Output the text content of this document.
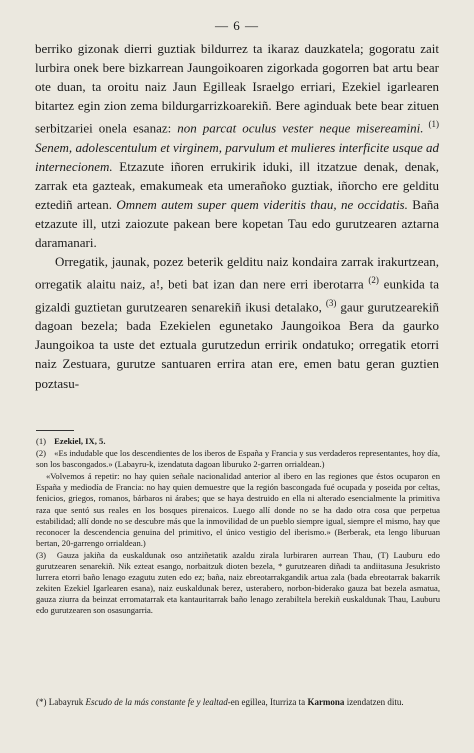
— 6 —

berriko gizonak dierri guztiak bildurrez ta ikaraz dauzkatela; gogoratu zait lurbira onek bere bizkarrean Jaungoikoaren zigorkada gogorren bat artu bear ote duan, ta oroitu naiz Jaun Egilleak Israelgo erriari, Ezekiel igarlearen bitartez egin zion zema bildurgarrizkoarekiñ. Bere aginduak bete bear zituen serbitzariei onela esanaz: non parcat oculus vester neque misereamini. $^{(1)}$ Senem, adolescentulum et virginem, parvulum et mulieres interficite usque ad internecionem. Etzazute iñoren errukirik iduki, ill itzatzue denak, denak, zarrak eta gazteak, emakumeak eta umerañoko guztiak, iñorcho ere gelditu eztediñ artean. Omnem autem super quem videritis thau, ne occidatis. Baña etzazute ill, utzi zaiozute pakean bere kopetan Tau edo gurutzearen aztarna daramanari.

Orregatik, jaunak, pozez beterik gelditu naiz kondaira zarrak irakurtzean, orregatik alaitu naiz, a!, beti bat izan dan nere erri iberotarra $^{(2)}$ eunkida ta gizaldi guztietan gurutzearen senarekiñ ikusi detalako, $^{(3)}$ gaur gurutzearekiñ dagoan bezela; bada Ezekielen egunetako Jaungoikoa Bera da gaurko Jaungoikoa ta uste det eztuala gurutzedun erririk ondatuko; orregatik etorri naiz Zestuara, gurutze santuaren errira atan ere, emen batu geran guztien poztasu-

(1) Ezekiel, IX, 5.

(2) «Es indudable que los descendientes de los iberos de España y Francia y sus verdaderos representantes, hoy día, son los bascongados.» (Labayru-k, izendatuta dagoan liburuko 2-garren orrialdean.)

«Volvemos á repetir: no hay quien señale nacionalidad anterior al ibero en las regiones que éstos ocuparon en España y mediodía de Francia: no hay quien demuestre que la región bascongada fué ocupada y poseida por celtas, fenicios, griegos, romanos, bárbaros ni árabes; que se haya destruido en ella ni alterado esencialmente la primitiva raza que sentó sus reales en los bosques pirenaicos. Luego allí donde no se ha dado otra cosa que perpetua estabilidad; allí donde no se descubre más que la inmovilidad de un pueblo siempre igual, siempre el mismo, hay que reconocer la descendencia genuina del primitivo, el único vestigio del iberismo.» (Berberak, eta lengo liburuan bertan, 20-garrengo orrialdean.)

(3) Gauza jakiña da euskaldunak oso antziñetatik azaldu zirala lurbiraren aurrean Thau, (T) Lauburu edo gurutzearen senarekiñ. Nik ezteat esango, norbaitzuk dioten bezela, * gurutzearen diñadi ta andiitasuna Jesukristo lurrera etorri baño lenago ezagutu zuten edo ez; baña, naiz ebreotarrakgandik artua zala (bada ebreotarrak bakarrik zekiten Ezekiel Igarlearen esana), naiz euskaldunak berez, usterabero, norbon-biderako gauza bat bezela asmatua, gauza ziurra da beinzat erromatarrak eta kantauritarrak baño lenago zerabiltela berekiñ euskaldunak Thau, Lauburu edo gurutzearen son osasungarria.

(*) Labayruk Escudo de la más constante fe y lealtad-en egillea, Iturriza ta Karmona izendatzen ditu.
